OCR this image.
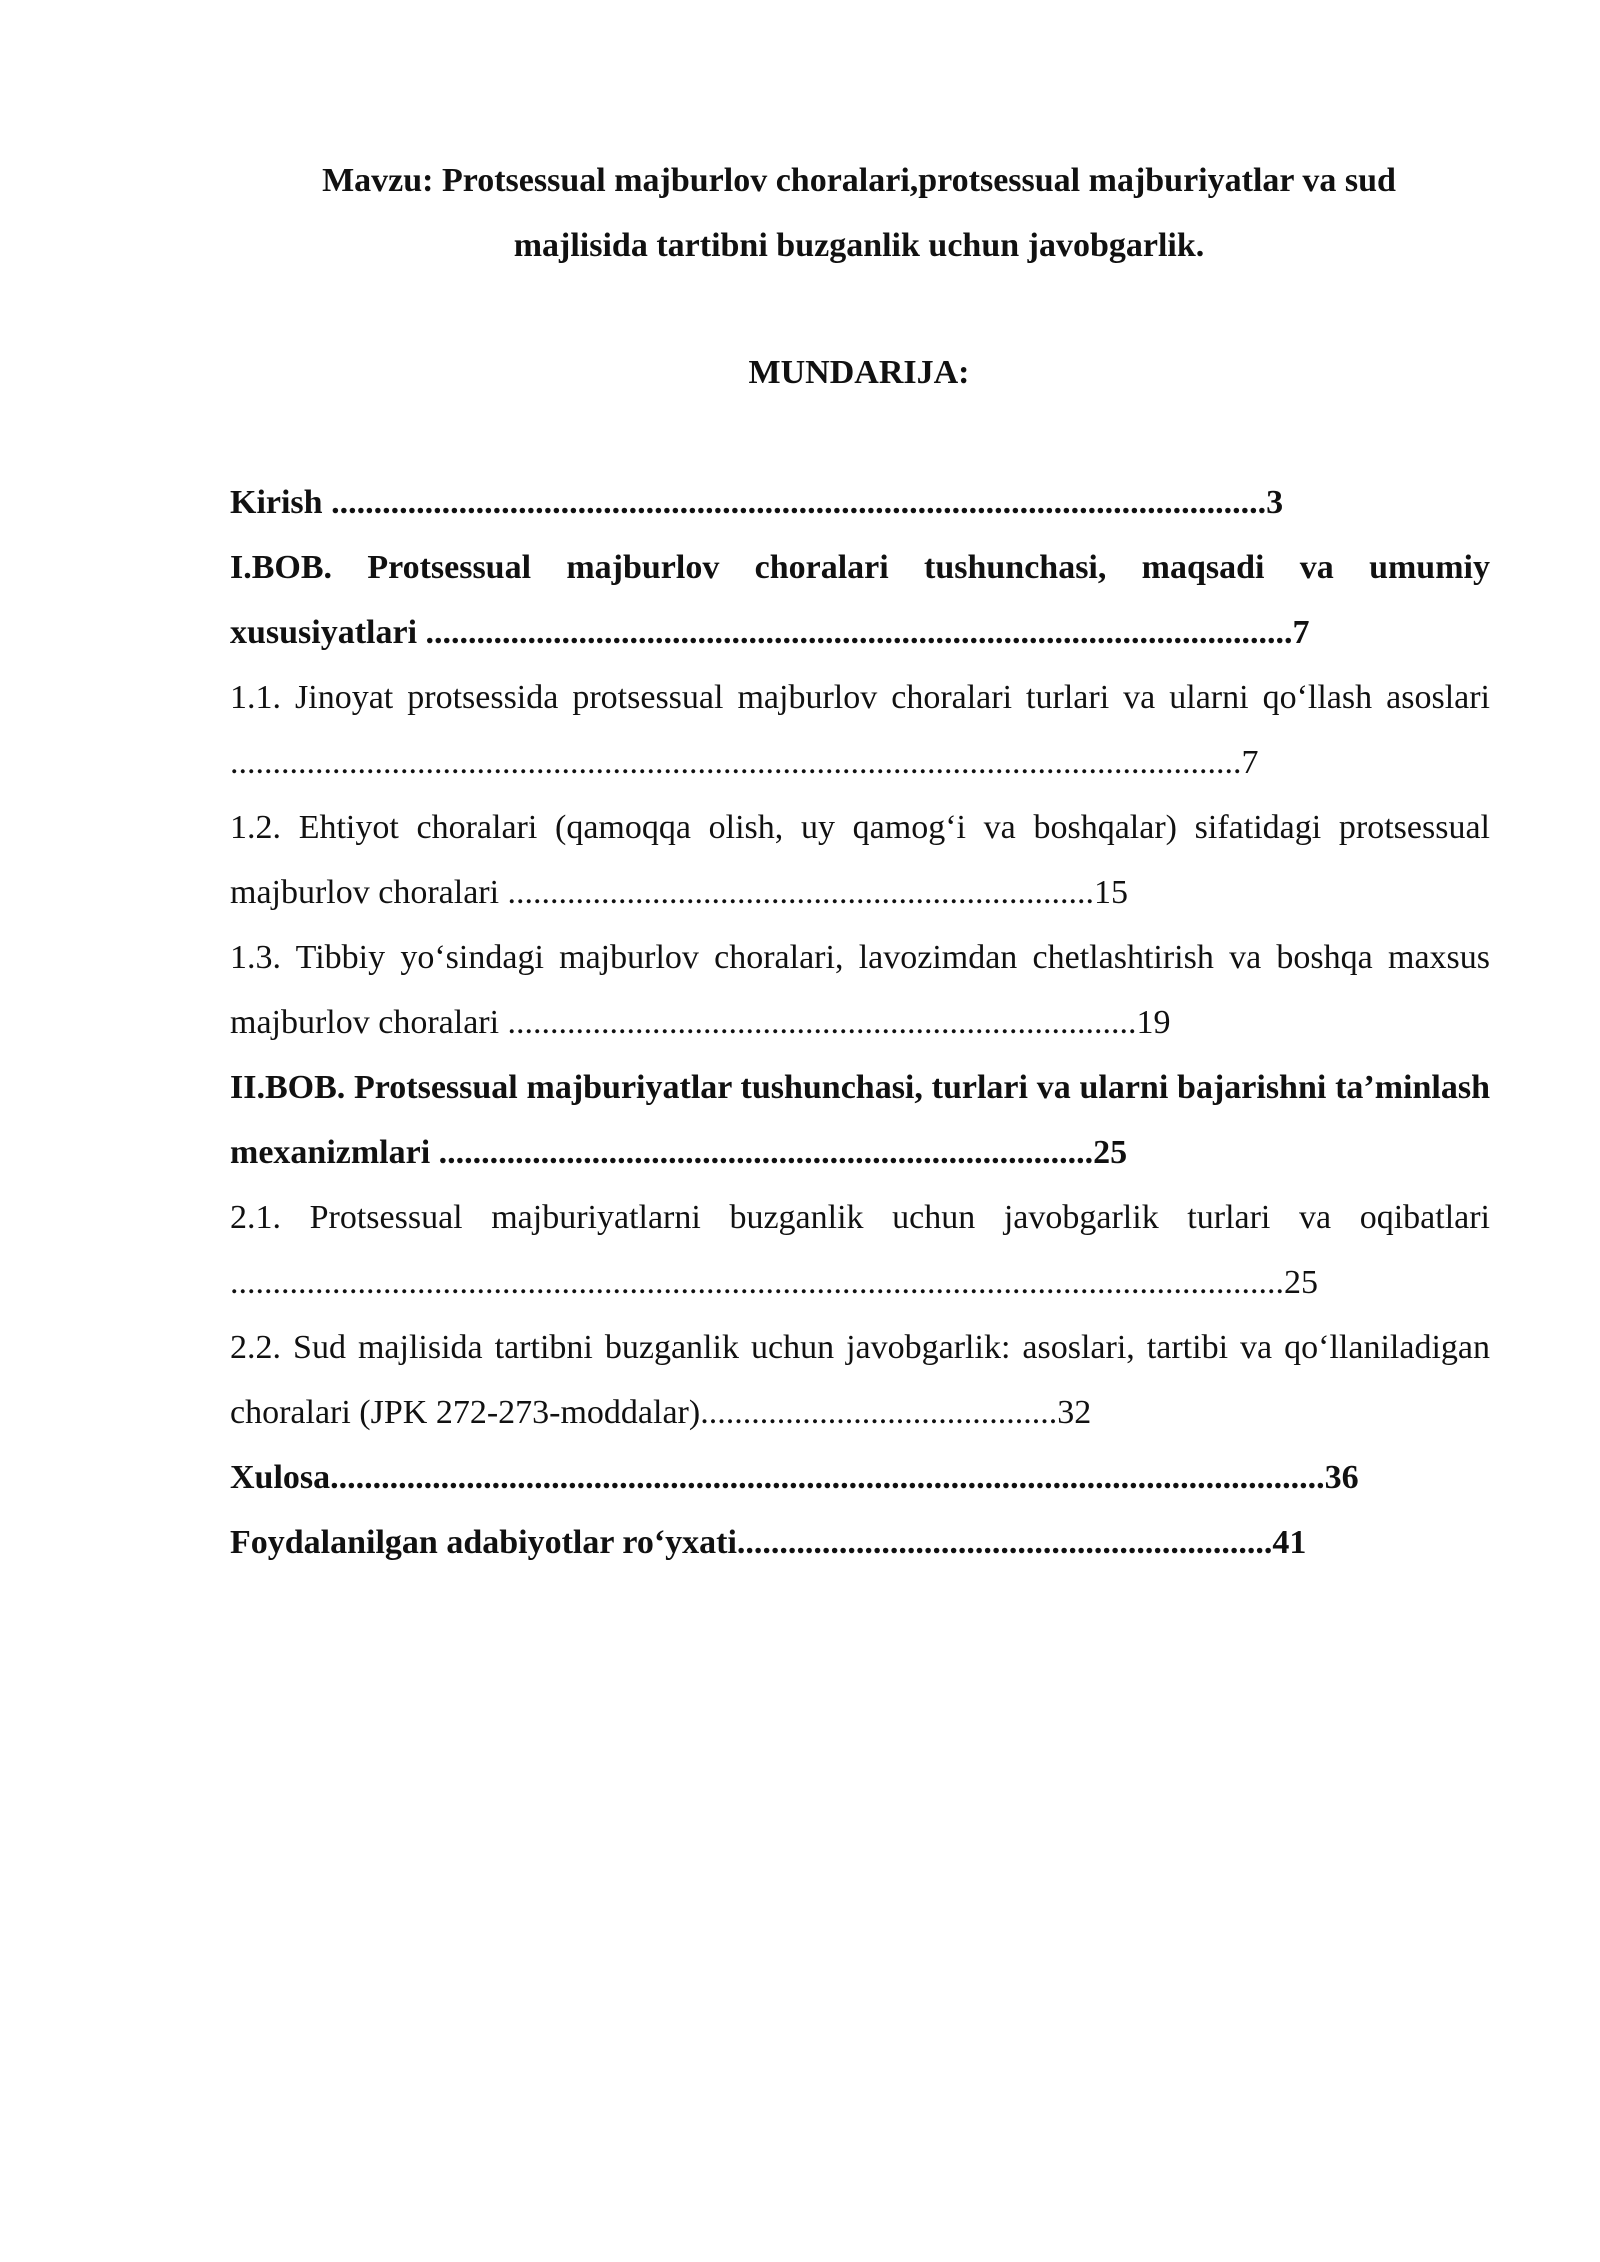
Mavzu: Protsessual majburlov choralari,protsessual majburiyatlar va sud
majlisida tartibni buzganlik uchun javobgarlik.
MUNDARIJA:

Kirish ..............................................................................................................3

I.BOB. Protsessual majburlov choralari tushunchasi, maqsadi va umumiy xususiyatlari ......................................................................................................7

1.1. Jinoyat protsessida protsessual majburlov choralari turlari va ularni qo‘llash asoslari .......................................................................................................................7

1.2. Ehtiyot choralari (qamoqqa olish, uy qamog‘i va boshqalar) sifatidagi protsessual majburlov choralari .....................................................................15

1.3. Tibbiy yo‘sindagi majburlov choralari, lavozimdan chetlashtirish va boshqa maxsus majburlov choralari ..........................................................................19

II.BOB. Protsessual majburiyatlar tushunchasi, turlari va ularni bajarishni ta’minlash mexanizmlari .............................................................................25

2.1. Protsessual majburiyatlarni buzganlik uchun javobgarlik turlari va oqibatlari ............................................................................................................................25

2.2. Sud majlisida tartibni buzganlik uchun javobgarlik: asoslari, tartibi va qo‘llaniladigan choralari (JPK 272-273-moddalar)..........................................32

Xulosa.....................................................................................................................36

Foydalanilgan adabiyotlar ro‘yxati...............................................................41
